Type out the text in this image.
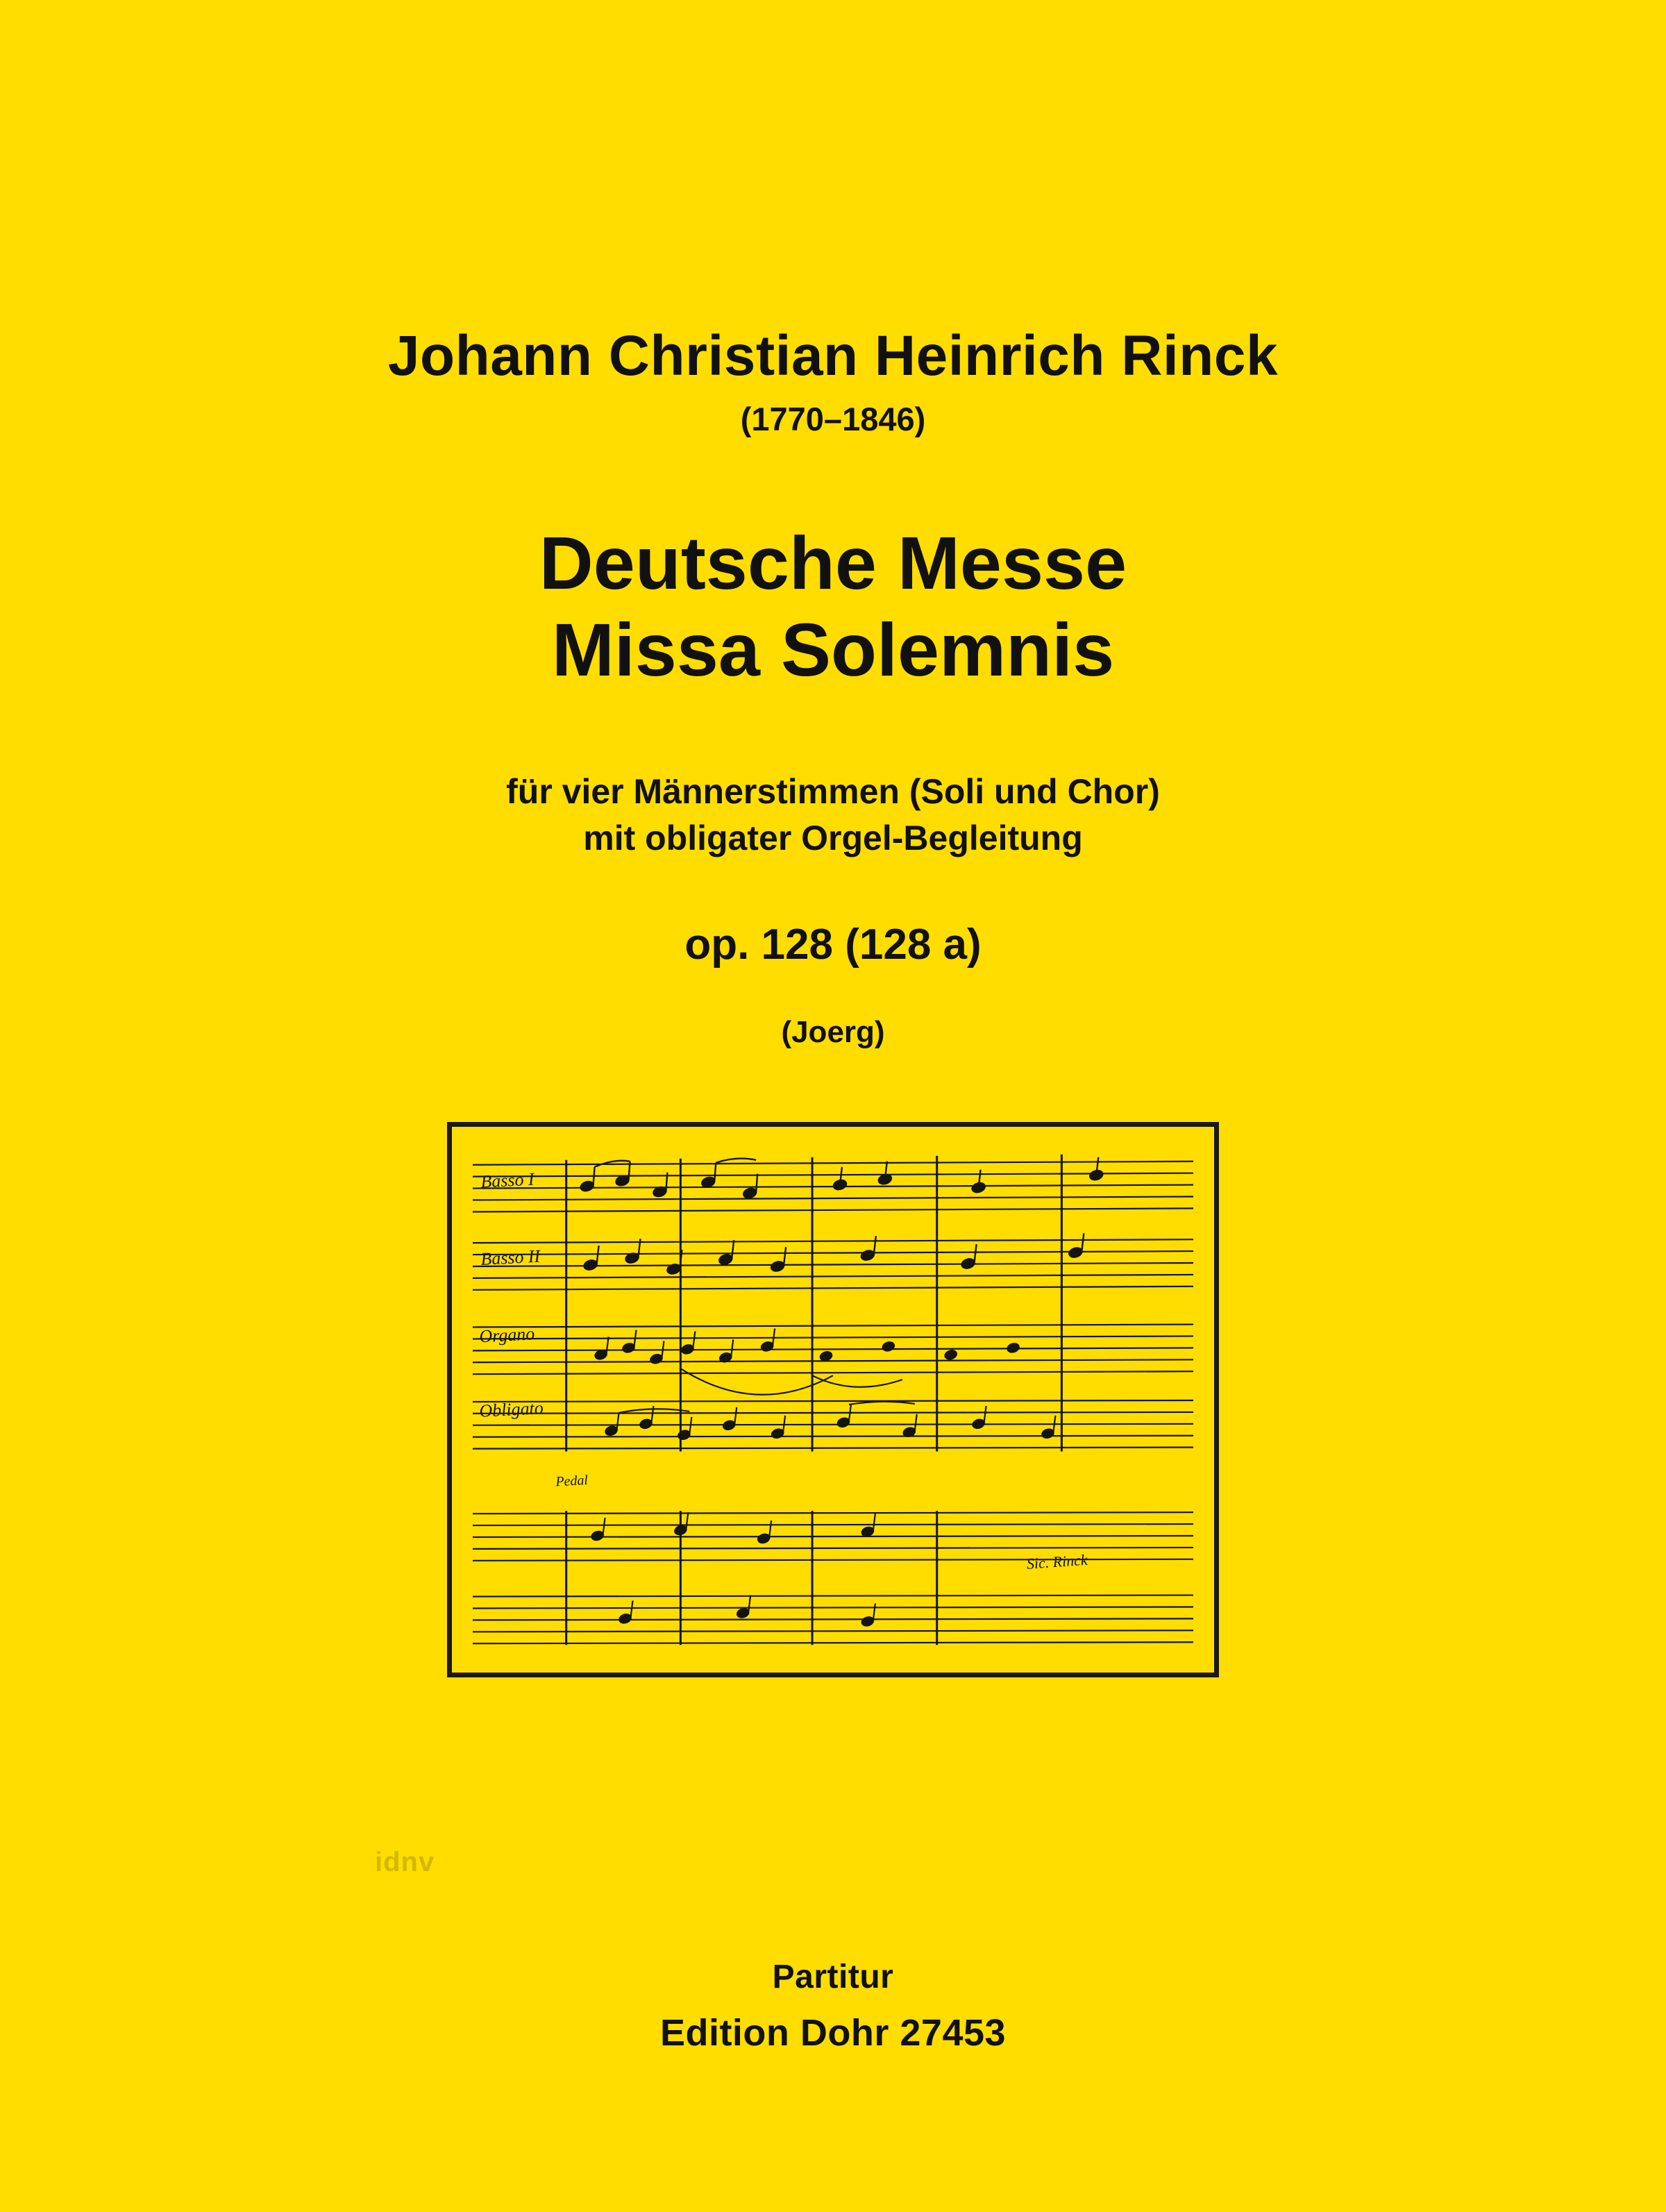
Johann Christian Heinrich Rinck
(1770–1846)
Deutsche Messe
Missa Solemnis
für vier Männerstimmen (Soli und Chor)
mit obligater Orgel-Begleitung
op. 128 (128 a)
(Joerg)
Basso I
Basso II
Organo
Obligato
Pedal
Sic. Rinck
idnv
Partitur
Edition Dohr 27453
